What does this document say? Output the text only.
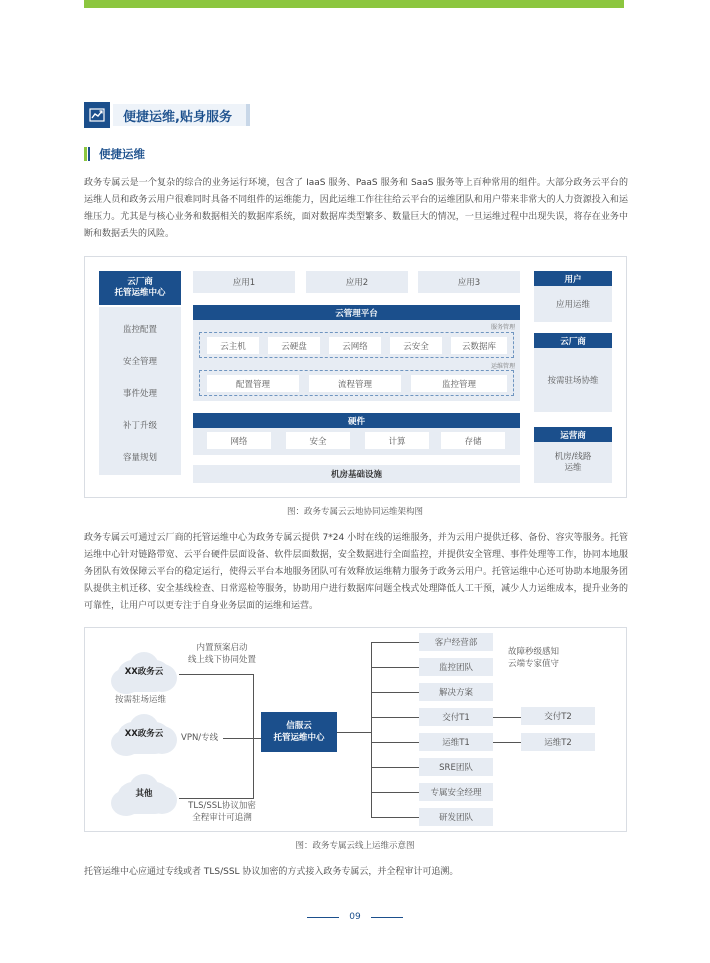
便捷运维,贴身服务
便捷运维

政务专属云是一个复杂的综合的业务运行环境，包含了 IaaS 服务、PaaS 服务和 SaaS 服务等上百种常用的组件。大部分政务云平台的运维人员和政务云用户很难同时具备不同组件的运维能力，因此运维工作往往给云平台的运维团队和用户带来非常大的人力资源投入和运维压力。尤其是与核心业务和数据相关的数据库系统，面对数据库类型繁多、数量巨大的情况，一旦运维过程中出现失误，将存在业务中断和数据丢失的风险。

云厂商
托管运维中心
监控配置
安全管理
事件处理
补丁升级
容量规划
应用1	应用2	应用3
云管理平台
服务管理
云主机	云硬盘	云网络	云安全	云数据库
运维管理
配置管理	流程管理	监控管理
硬件
网络	安全	计算	存储
机房基础设施
用户
应用运维
云厂商
按需驻场协维
运营商
机房/线路
运维
图：政务专属云云地协同运维架构图

政务专属云可通过云厂商的托管运维中心为政务专属云提供 7*24 小时在线的运维服务，并为云用户提供迁移、备份、容灾等服务。托管运维中心针对链路带宽、云平台硬件层面设备、软件层面数据，安全数据进行全面监控，并提供安全管理、事件处理等工作，协同本地服务团队有效保障云平台的稳定运行，使得云平台本地服务团队可有效释放运维精力服务于政务云用户。托管运维中心还可协助本地服务团队提供主机迁移、安全基线检查、日常巡检等服务，协助用户进行数据库问题全栈式处理降低人工干预，减少人力运维成本，提升业务的可靠性，让用户可以更专注于自身业务层面的运维和运营。

XX政务云
XX政务云
其他
按需驻场运维
内置预案启动
线上线下协同处置
VPN/专线
TLS/SSL协议加密
全程审计可追溯
信服云
托管运维中心
客户经营部
监控团队
解决方案
交付T1
运维T1
SRE团队
专属安全经理
研发团队
故障秒级感知
云端专家值守
交付T2
运维T2
图：政务专属云线上运维示意图

托管运维中心应通过专线或者 TLS/SSL 协议加密的方式接入政务专属云，并全程审计可追溯。

09
